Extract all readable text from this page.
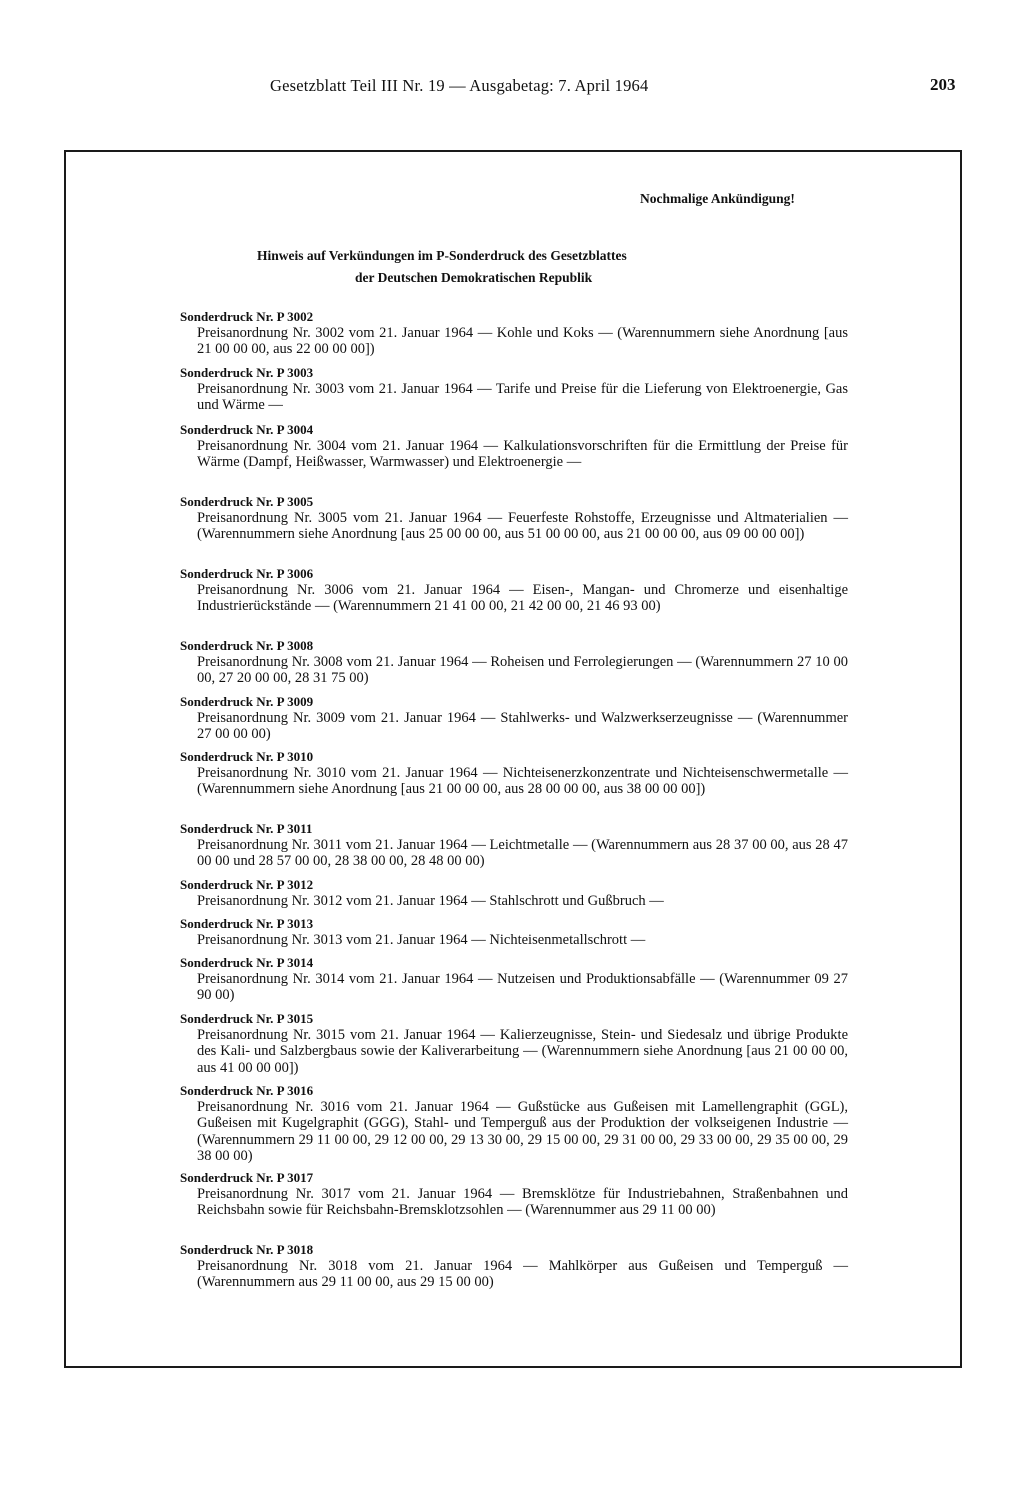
Gesetzblatt Teil III Nr. 19 — Ausgabetag: 7. April 1964	203
Nochmalige Ankündigung!
Hinweis auf Verkündungen im P-Sonderdruck des Gesetzblattes
der Deutschen Demokratischen Republik
Sonderdruck Nr. P 3002
Preisanordnung Nr. 3002 vom 21. Januar 1964 — Kohle und Koks — (Warennummern siehe Anordnung [aus 21 00 00 00, aus 22 00 00 00])
Sonderdruck Nr. P 3003
Preisanordnung Nr. 3003 vom 21. Januar 1964 — Tarife und Preise für die Lieferung von Elektroenergie, Gas und Wärme —
Sonderdruck Nr. P 3004
Preisanordnung Nr. 3004 vom 21. Januar 1964 — Kalkulationsvorschriften für die Ermittlung der Preise für Wärme (Dampf, Heißwasser, Warmwasser) und Elektroenergie —
Sonderdruck Nr. P 3005
Preisanordnung Nr. 3005 vom 21. Januar 1964 — Feuerfeste Rohstoffe, Erzeugnisse und Altmaterialien — (Warennummern siehe Anordnung [aus 25 00 00 00, aus 51 00 00 00, aus 21 00 00 00, aus 09 00 00 00])
Sonderdruck Nr. P 3006
Preisanordnung Nr. 3006 vom 21. Januar 1964 — Eisen-, Mangan- und Chromerze und eisenhaltige Industrierückstände — (Warennummern 21 41 00 00, 21 42 00 00, 21 46 93 00)
Sonderdruck Nr. P 3008
Preisanordnung Nr. 3008 vom 21. Januar 1964 — Roheisen und Ferrolegierungen — (Warennummern 27 10 00 00, 27 20 00 00, 28 31 75 00)
Sonderdruck Nr. P 3009
Preisanordnung Nr. 3009 vom 21. Januar 1964 — Stahlwerks- und Walzwerkserzeugnisse — (Warennummer 27 00 00 00)
Sonderdruck Nr. P 3010
Preisanordnung Nr. 3010 vom 21. Januar 1964 — Nichteisenerzkonzentrate und Nichteisenschwermetalle — (Warennummern siehe Anordnung [aus 21 00 00 00, aus 28 00 00 00, aus 38 00 00 00])
Sonderdruck Nr. P 3011
Preisanordnung Nr. 3011 vom 21. Januar 1964 — Leichtmetalle — (Warennummern aus 28 37 00 00, aus 28 47 00 00 und 28 57 00 00, 28 38 00 00, 28 48 00 00)
Sonderdruck Nr. P 3012
Preisanordnung Nr. 3012 vom 21. Januar 1964 — Stahlschrott und Gußbruch —
Sonderdruck Nr. P 3013
Preisanordnung Nr. 3013 vom 21. Januar 1964 — Nichteisenmetallschrott —
Sonderdruck Nr. P 3014
Preisanordnung Nr. 3014 vom 21. Januar 1964 — Nutzeisen und Produktionsabfälle — (Warennummer 09 27 90 00)
Sonderdruck Nr. P 3015
Preisanordnung Nr. 3015 vom 21. Januar 1964 — Kalierzeugnisse, Stein- und Siedesalz und übrige Produkte des Kali- und Salzbergbaus sowie der Kaliverarbeitung — (Warennummern siehe Anordnung [aus 21 00 00 00, aus 41 00 00 00])
Sonderdruck Nr. P 3016
Preisanordnung Nr. 3016 vom 21. Januar 1964 — Gußstücke aus Gußeisen mit Lamellengraphit (GGL), Gußeisen mit Kugelgraphit (GGG), Stahl- und Temperguß aus der Produktion der volkseigenen Industrie — (Warennummern 29 11 00 00, 29 12 00 00, 29 13 30 00, 29 15 00 00, 29 31 00 00, 29 33 00 00, 29 35 00 00, 29 38 00 00)
Sonderdruck Nr. P 3017
Preisanordnung Nr. 3017 vom 21. Januar 1964 — Bremsklötze für Industriebahnen, Straßenbahnen und Reichsbahn sowie für Reichsbahn-Bremsklotzsohlen — (Warennummer aus 29 11 00 00)
Sonderdruck Nr. P 3018
Preisanordnung Nr. 3018 vom 21. Januar 1964 — Mahlkörper aus Gußeisen und Temperguß — (Warennummern aus 29 11 00 00, aus 29 15 00 00)
